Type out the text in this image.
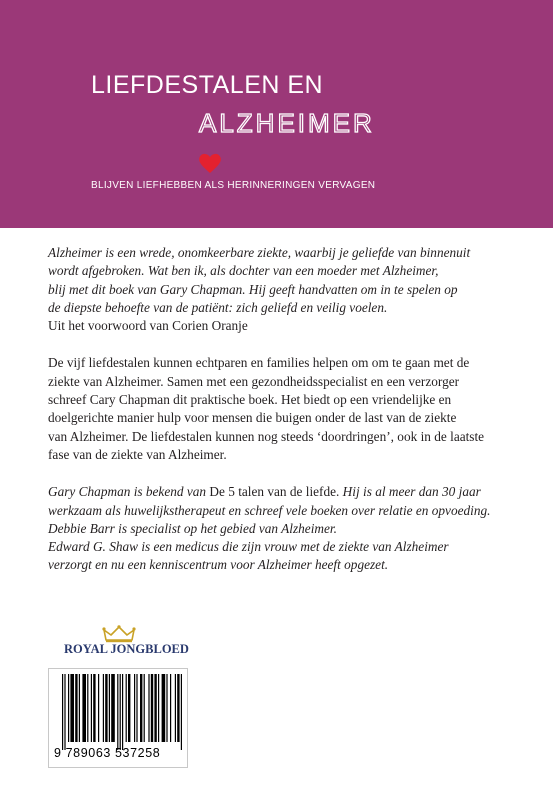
LIEFDESTALEN EN
ALZHEIMER
BLIJVEN LIEFHEBBEN ALS HERINNERINGEN VERVAGEN

Alzheimer is een wrede, onomkeerbare ziekte, waarbij je geliefde van binnenuit

wordt afgebroken. Wat ben ik, als dochter van een moeder met Alzheimer,

blij met dit boek van Gary Chapman. Hij geeft handvatten om in te spelen op

de diepste behoefte van de patiënt: zich geliefd en veilig voelen.

Uit het voorwoord van Corien Oranje

De vijf liefdestalen kunnen echtparen en families helpen om om te gaan met de

ziekte van Alzheimer. Samen met een gezondheidsspecialist en een verzorger

schreef Cary Chapman dit praktische boek. Het biedt op een vriendelijke en

doelgerichte manier hulp voor mensen die buigen onder de last van de ziekte

van Alzheimer. De liefdestalen kunnen nog steeds ‘doordringen’, ook in de laatste

fase van de ziekte van Alzheimer.

Gary Chapman is bekend van De 5 talen van de liefde. Hij is al meer dan 30 jaar

werkzaam als huwelijkstherapeut en schreef vele boeken over relatie en opvoeding.

Debbie Barr is specialist op het gebied van Alzheimer.

Edward G. Shaw is een medicus die zijn vrouw met de ziekte van Alzheimer

verzorgt en nu een kenniscentrum voor Alzheimer heeft opgezet.

ROYAL JONGBLOED
9 789063 537258
